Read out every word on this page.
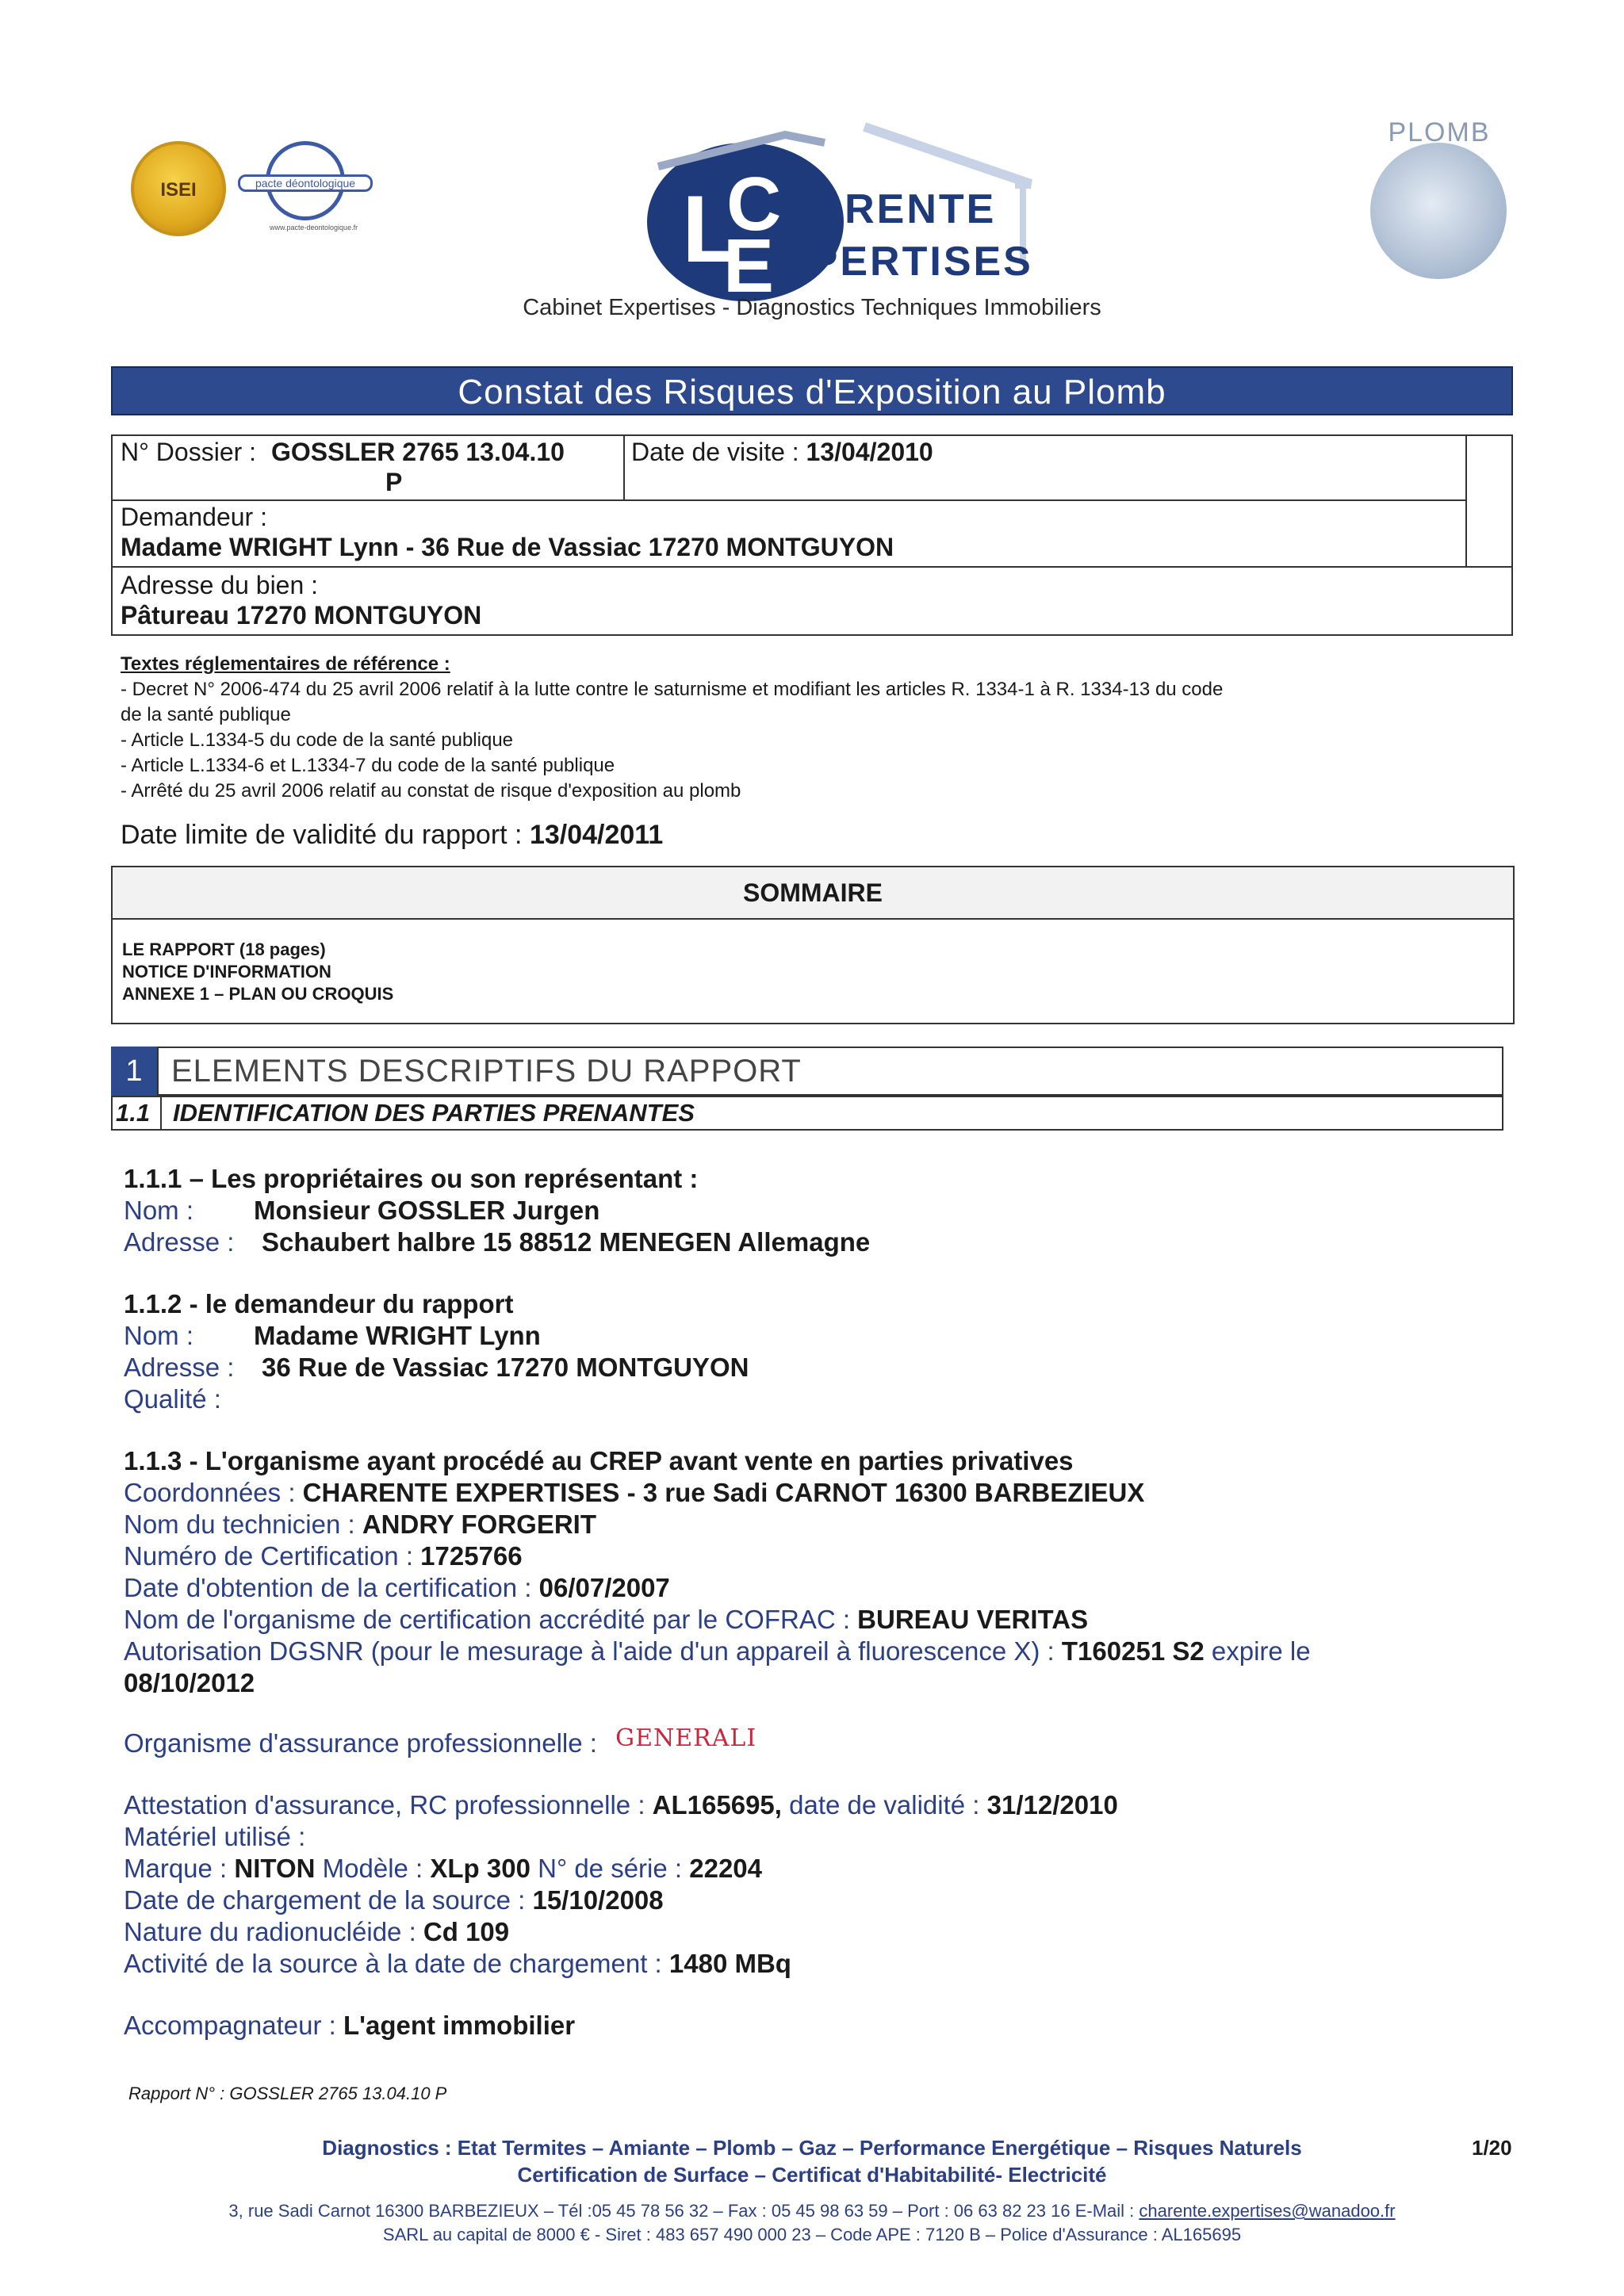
ISEI	pacte déontologique
www.pacte-deontologique.fr	L
C
E
HARENTE
XPERTISES
Cabinet Expertises - Diagnostics Techniques Immobiliers
PLOMB
Constat des Risques d'Exposition au Plomb
N° Dossier : GOSSLER 2765 13.04.10
P
Date de visite : 13/04/2010
Demandeur :
Madame WRIGHT Lynn - 36 Rue de Vassiac 17270 MONTGUYON
Adresse du bien :
Pâtureau 17270 MONTGUYON
Textes réglementaires de référence :
- Decret N° 2006-474 du 25 avril 2006 relatif à la lutte contre le saturnisme et modifiant les articles R. 1334-1 à R. 1334-13 du code
de la santé publique
- Article L.1334-5 du code de la santé publique
- Article L.1334-6 et L.1334-7 du code de la santé publique
- Arrêté du 25 avril 2006 relatif au constat de risque d'exposition au plomb
Date limite de validité du rapport : 13/04/2011
SOMMAIRE
LE RAPPORT (18 pages)
NOTICE D'INFORMATION
ANNEXE 1 – PLAN OU CROQUIS
1 ELEMENTS DESCRIPTIFS DU RAPPORT
1.1 IDENTIFICATION DES PARTIES PRENANTES
1.1.1 – Les propriétaires ou son représentant :
Nom : Monsieur GOSSLER Jurgen
Adresse : Schaubert halbre 15 88512 MENEGEN Allemagne
1.1.2 - le demandeur du rapport
Nom : Madame WRIGHT Lynn
Adresse : 36 Rue de Vassiac 17270 MONTGUYON
Qualité :
1.1.3 - L'organisme ayant procédé au CREP avant vente en parties privatives
Coordonnées : CHARENTE EXPERTISES - 3 rue Sadi CARNOT 16300 BARBEZIEUX
Nom du technicien : ANDRY FORGERIT
Numéro de Certification : 1725766
Date d'obtention de la certification : 06/07/2007
Nom de l'organisme de certification accrédité par le COFRAC : BUREAU VERITAS
Autorisation DGSNR (pour le mesurage à l'aide d'un appareil à fluorescence X) : T160251 S2 expire le
08/10/2012
Organisme d'assurance professionnelle : GENERALI
Attestation d'assurance, RC professionnelle : AL165695, date de validité : 31/12/2010
Matériel utilisé :
Marque : NITON Modèle : XLp 300 N° de série : 22204
Date de chargement de la source : 15/10/2008
Nature du radionucléide : Cd 109
Activité de la source à la date de chargement : 1480 MBq
Accompagnateur : L'agent immobilier
Rapport N° : GOSSLER 2765 13.04.10 P
Diagnostics : Etat Termites – Amiante – Plomb – Gaz – Performance Energétique – Risques Naturels
Certification de Surface – Certificat d'Habitabilité- Electricité
1/20
3, rue Sadi Carnot 16300 BARBEZIEUX – Tél :05 45 78 56 32 – Fax : 05 45 98 63 59 – Port : 06 63 82 23 16 E-Mail : charente.expertises@wanadoo.fr
SARL au capital de 8000 € - Siret : 483 657 490 000 23 – Code APE : 7120 B – Police d'Assurance : AL165695
